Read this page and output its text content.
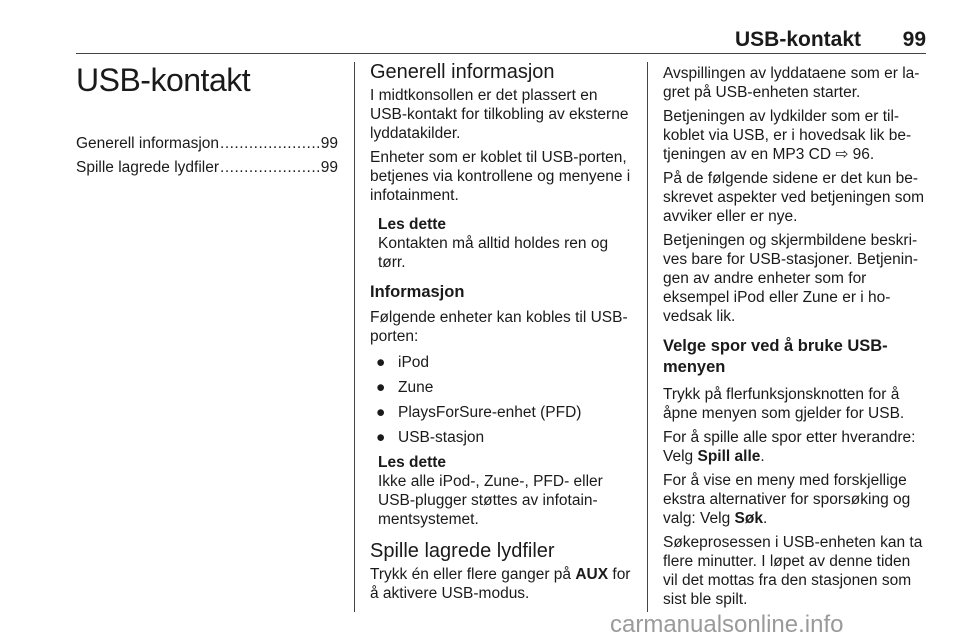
USB-kontakt	99
USB-kontakt
Generell informasjon .....	99
Spille lagrede lydfiler .....	99
Generell informasjon

I midtkonsollen er det plassert en USB-kontakt for tilkobling av eksterne lyddatakilder.

Enheter som er koblet til USB-porten, betjenes via kontrollene og menyene i infotainment.

Les dette
Kontakten må alltid holdes ren og tørr.
Informasjon

Følgende enheter kan kobles til USB-porten:

● iPod
● Zune
● PlaysForSure-enhet (PFD)
● USB-stasjon
Les dette
Ikke alle iPod-, Zune-, PFD- eller USB-plugger støttes av infotain-mentsystemet.
Spille lagrede lydfiler

Trykk én eller flere ganger på AUX for å aktivere USB-modus.

Avspillingen av lyddataene som er la-gret på USB-enheten starter.

Betjeningen av lydkilder som er til-koblet via USB, er i hovedsak lik be-tjeningen av en MP3 CD ⇨ 96.

På de følgende sidene er det kun be-skrevet aspekter ved betjeningen som avviker eller er nye.

Betjeningen og skjermbildene beskri-ves bare for USB-stasjoner. Betjenin-gen av andre enheter som for eksempel iPod eller Zune er i ho-vedsak lik.

Velge spor ved å bruke USB-menyen

Trykk på flerfunksjonsknotten for å åpne menyen som gjelder for USB.

For å spille alle spor etter hverandre: Velg Spill alle.

For å vise en meny med forskjellige ekstra alternativer for sporsøking og valg: Velg Søk.

Søkeprosessen i USB-enheten kan ta flere minutter. I løpet av denne tiden vil det mottas fra den stasjonen som sist ble spilt.

carmanualsonline.info
